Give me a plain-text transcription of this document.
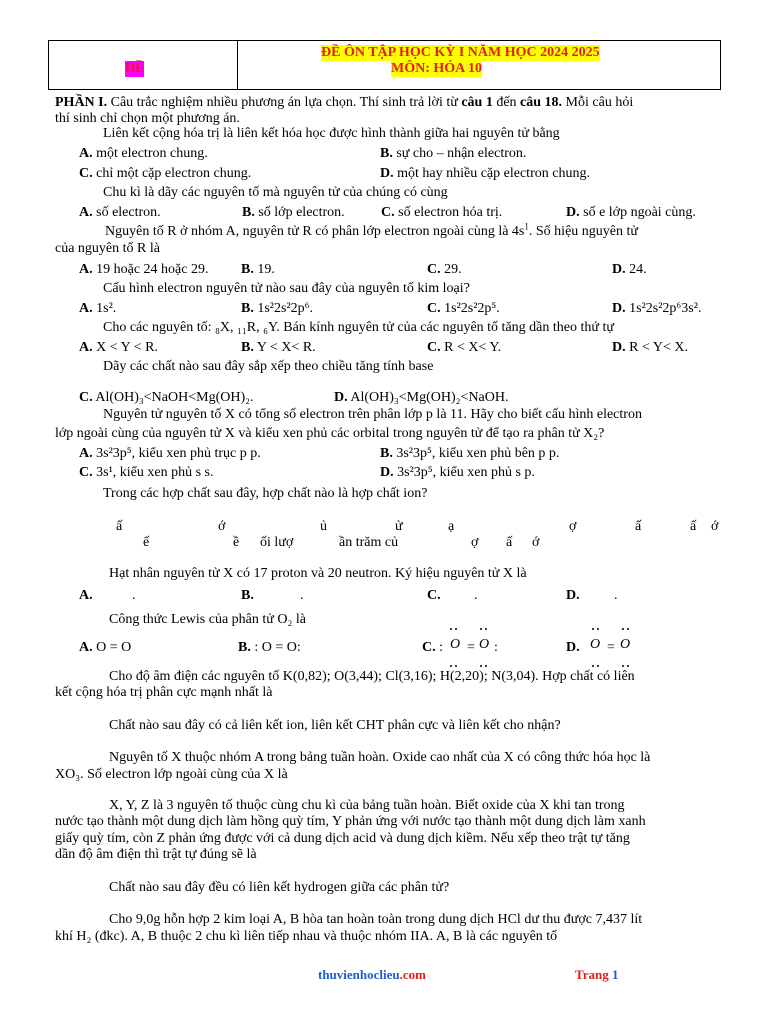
ĐỀ
ĐỀ ÔN TẬP HỌC KỲ I NĂM HỌC 2024 2025
MÔN: HÓA 10
PHẦN I. Câu trắc nghiệm nhiều phương án lựa chọn. Thí sinh trả lời từ câu 1 đến câu 18. Mỗi câu hỏi
thí sinh chỉ chọn một phương án.
Liên kết cộng hóa trị là liên kết hóa học được hình thành giữa hai nguyên tử bằng
A. một electron chung.	B. sự cho – nhận electron.
C. chỉ một cặp electron chung.	D. một hay nhiều cặp electron chung.
Chu kì là dãy các nguyên tố mà nguyên tử của chúng có cùng
A. số electron.	B. số lớp electron.	C. số electron hóa trị.	D. số e lớp ngoài cùng.
Nguyên tố R ở nhóm A, nguyên tử R có phân lớp electron ngoài cùng là $4s^1$. Số hiệu nguyên tử
của nguyên tố R là
A. 19 hoặc 24 hoặc 29. B. 19.	C. 29.	D. 24.
Cấu hình electron nguyên tử nào sau đây của nguyên tố kim loại?
A. 1s².	B. 1s²2s²2p⁶.	C. 1s²2s²2p⁵.	D. 1s²2s²2p⁶3s².
Cho các nguyên tố: ₈X, ₁₁R, ₆Y. Bán kính nguyên tử của các nguyên tố tăng dần theo thứ tự
A. X < Y < R.	B. Y < X< R.	C. R < X< Y.	D. R < Y< X.
Dãy các chất nào sau đây sắp xếp theo chiều tăng tính base
C. Al(OH)₃<NaOH<Mg(OH)₂.	D. Al(OH)₃<Mg(OH)₂<NaOH.
Nguyên tử nguyên tố X có tổng số electron trên phân lớp p là 11. Hãy cho biết cấu hình electron
lớp ngoài cùng của nguyên tử X và kiểu xen phủ các orbital trong nguyên tử để tạo ra phân tử X₂?
A. 3s²3p⁵, kiểu xen phủ trục p p.	B. 3s²3p⁵, kiểu xen phủ bên p p.
C. 3s¹, kiểu xen phủ s s.	D. 3s²3p⁵, kiểu xen phủ s p.
Trong các hợp chất sau đây, hợp chất nào là hợp chất ion?
ấ	ớ	ủ	ử	ạ	ợ	ấ	ấ ớ
ế	ề ối lượ	ần trăm củ	ợ ấ ớ
Hạt nhân nguyên tử X có 17 proton và 20 neutron. Ký hiệu nguyên tử X là
A.	.	B.	.	C. .	D. .
Công thức Lewis của phân tử O₂ là
A. O = O	B. : O = O:	C. : O = O :	D. O = O
Cho độ âm điện các nguyên tố K(0,82); O(3,44); Cl(3,16); H(2,20); N(3,04). Hợp chất có liên
kết cộng hóa trị phân cực mạnh nhất là
Chất nào sau đây có cả liên kết ion, liên kết CHT phân cực và liên kết cho nhận?
Nguyên tố X thuộc nhóm A trong bảng tuần hoàn. Oxide cao nhất của X có công thức hóa học là
XO₃. Số electron lớp ngoài cùng của X là
X, Y, Z là 3 nguyên tố thuộc cùng chu kì của bảng tuần hoàn. Biết oxide của X khi tan trong
nước tạo thành một dung dịch làm hồng quỳ tím, Y phản ứng với nước tạo thành một dung dịch làm xanh
giấy quỳ tím, còn Z phản ứng được với cả dung dịch acid và dung dịch kiềm. Nếu xếp theo trật tự tăng
dần độ âm điện thì trật tự đúng sẽ là
Chất nào sau đây đều có liên kết hydrogen giữa các phân tử?
Cho 9,0g hỗn hợp 2 kim loại A, B hòa tan hoàn toàn trong dung dịch HCl dư thu được 7,437 lít
khí H₂ (đkc). A, B thuộc 2 chu kì liên tiếp nhau và thuộc nhóm IIA. A, B là các nguyên tố
thuvienhoclieu.com	Trang 1
